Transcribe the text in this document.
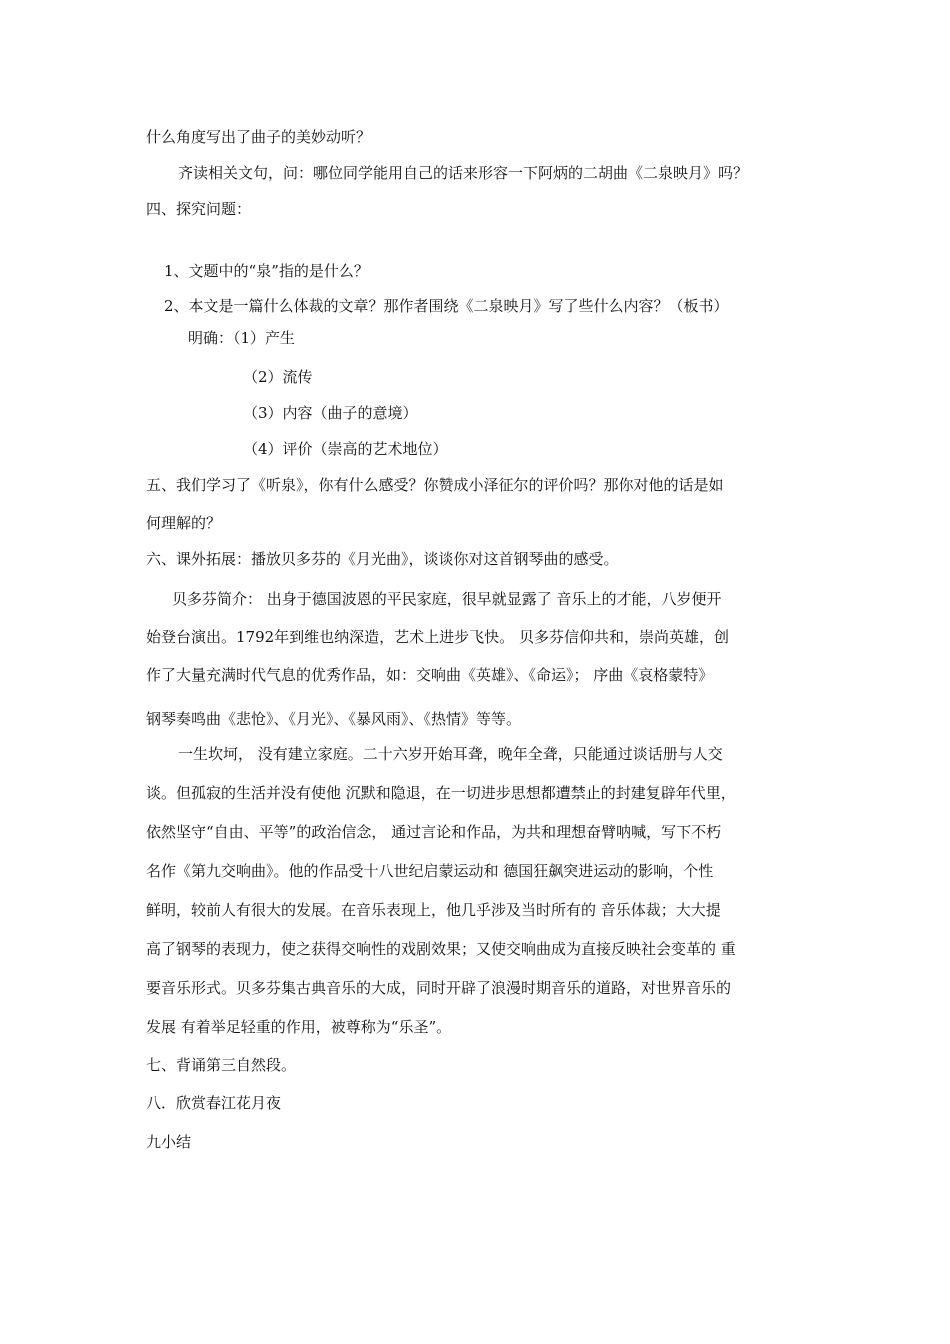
什么角度写出了曲子的美妙动听？
齐读相关文句，问：哪位同学能用自己的话来形容一下阿炳的二胡曲《二泉映月》吗？
四、探究问题：
1、文题中的“泉”指的是什么？
2、本文是一篇什么体裁的文章？那作者围绕《二泉映月》写了些什么内容？（板书）
明确：（1）产生
（2）流传
（3）内容（曲子的意境）
（4）评价（崇高的艺术地位）
五、我们学习了《听泉》，你有什么感受？你赞成小泽征尔的评价吗？那你对他的话是如
何理解的？
六、课外拓展：播放贝多芬的《月光曲》，谈谈你对这首钢琴曲的感受。
贝多芬简介： 出身于德国波恩的平民家庭，很早就显露了 音乐上的才能，八岁便开
始登台演出。1792年到维也纳深造，艺术上进步飞快。 贝多芬信仰共和，崇尚英雄，创
作了大量充满时代气息的优秀作品，如：交响曲《英雄》、《命运》； 序曲《哀格蒙特》
钢琴奏鸣曲《悲怆》、《月光》、《暴风雨》、《热情》等等。
一生坎坷， 没有建立家庭。二十六岁开始耳聋，晚年全聋，只能通过谈话册与人交
谈。但孤寂的生活并没有使他 沉默和隐退，在一切进步思想都遭禁止的封建复辟年代里，
依然坚守“自由、平等”的政治信念， 通过言论和作品，为共和理想奋臂呐喊，写下不朽
名作《第九交响曲》。他的作品受十八世纪启蒙运动和 德国狂飙突进运动的影响，个性
鲜明，较前人有很大的发展。在音乐表现上，他几乎涉及当时所有的 音乐体裁；大大提
高了钢琴的表现力，使之获得交响性的戏剧效果；又使交响曲成为直接反映社会变革的 重
要音乐形式。贝多芬集古典音乐的大成，同时开辟了浪漫时期音乐的道路，对世界音乐的
发展 有着举足轻重的作用，被尊称为“乐圣”。
七、背诵第三自然段。
八．欣赏春江花月夜
九小结
